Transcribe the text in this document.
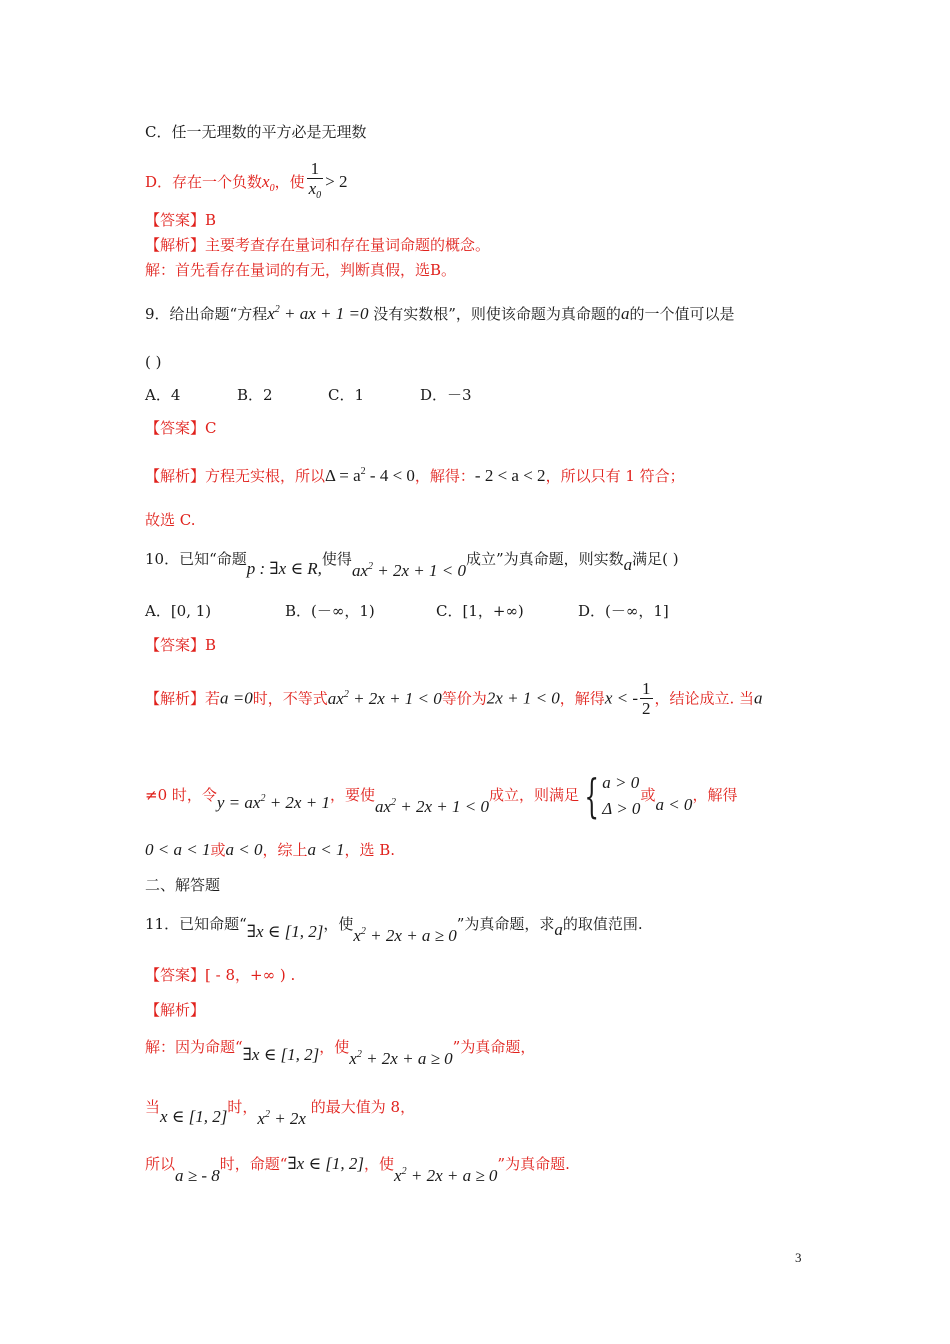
C．任一无理数的平方必是无理数
D．存在一个负数$x_0$，使 $\frac{1}{x_0} > 2$
【答案】B
【解析】主要考查存在量词和存在量词命题的概念。
解：首先看存在量词的有无，判断真假，选B。
9．给出命题“方程$x^2$ + ax + 1 =0 没有实数根”，则使该命题为真命题的a的一个值可以是
( )
A．4	B．2	C．1	D．－3
【答案】C
【解析】方程无实根，所以$\Delta = a^2 - 4 < 0$，解得：- 2 < a < 2，所以只有 1 符合；
故选 C.
10．已知“命题p : ∃x ∈ R,使得$ax^2 + 2x + 1 < 0$成立”为真命题，则实数a满足( )
A．[0, 1)	B．(－∞，1)	C．[1，+∞)	D．(－∞，1]
【答案】B
【解析】若a =0时，不等式$ax^2 + 2x + 1 < 0$等价为2x + 1 < 0，解得x < - $\frac{1}{2}$ ，结论成立. 当a
≠0 时，令$y = ax^2 + 2x + 1$，要使$ax^2 + 2x + 1 < 0$成立，则满足 { a > 0
Δ > 0
或a < 0，解得
0 < a < 1或a < 0，综上a < 1，选 B.
二、解答题
11．已知命题“∃x ∈ [1, 2]，使$x^2 + 2x + a \ge 0$”为真命题，求a的取值范围.
【答案】[ - 8，+∞ ) .
【解析】
解：因为命题“∃x ∈ [1, 2]，使$x^2 + 2x + a \ge 0$”为真命题，
当x ∈ [1, 2]时，$x^2 + 2x$ 的最大值为 8，
所以a ≥ - 8时，命题“∃x ∈ [1, 2]，使$x^2 + 2x + a \ge 0$”为真命题.
3
